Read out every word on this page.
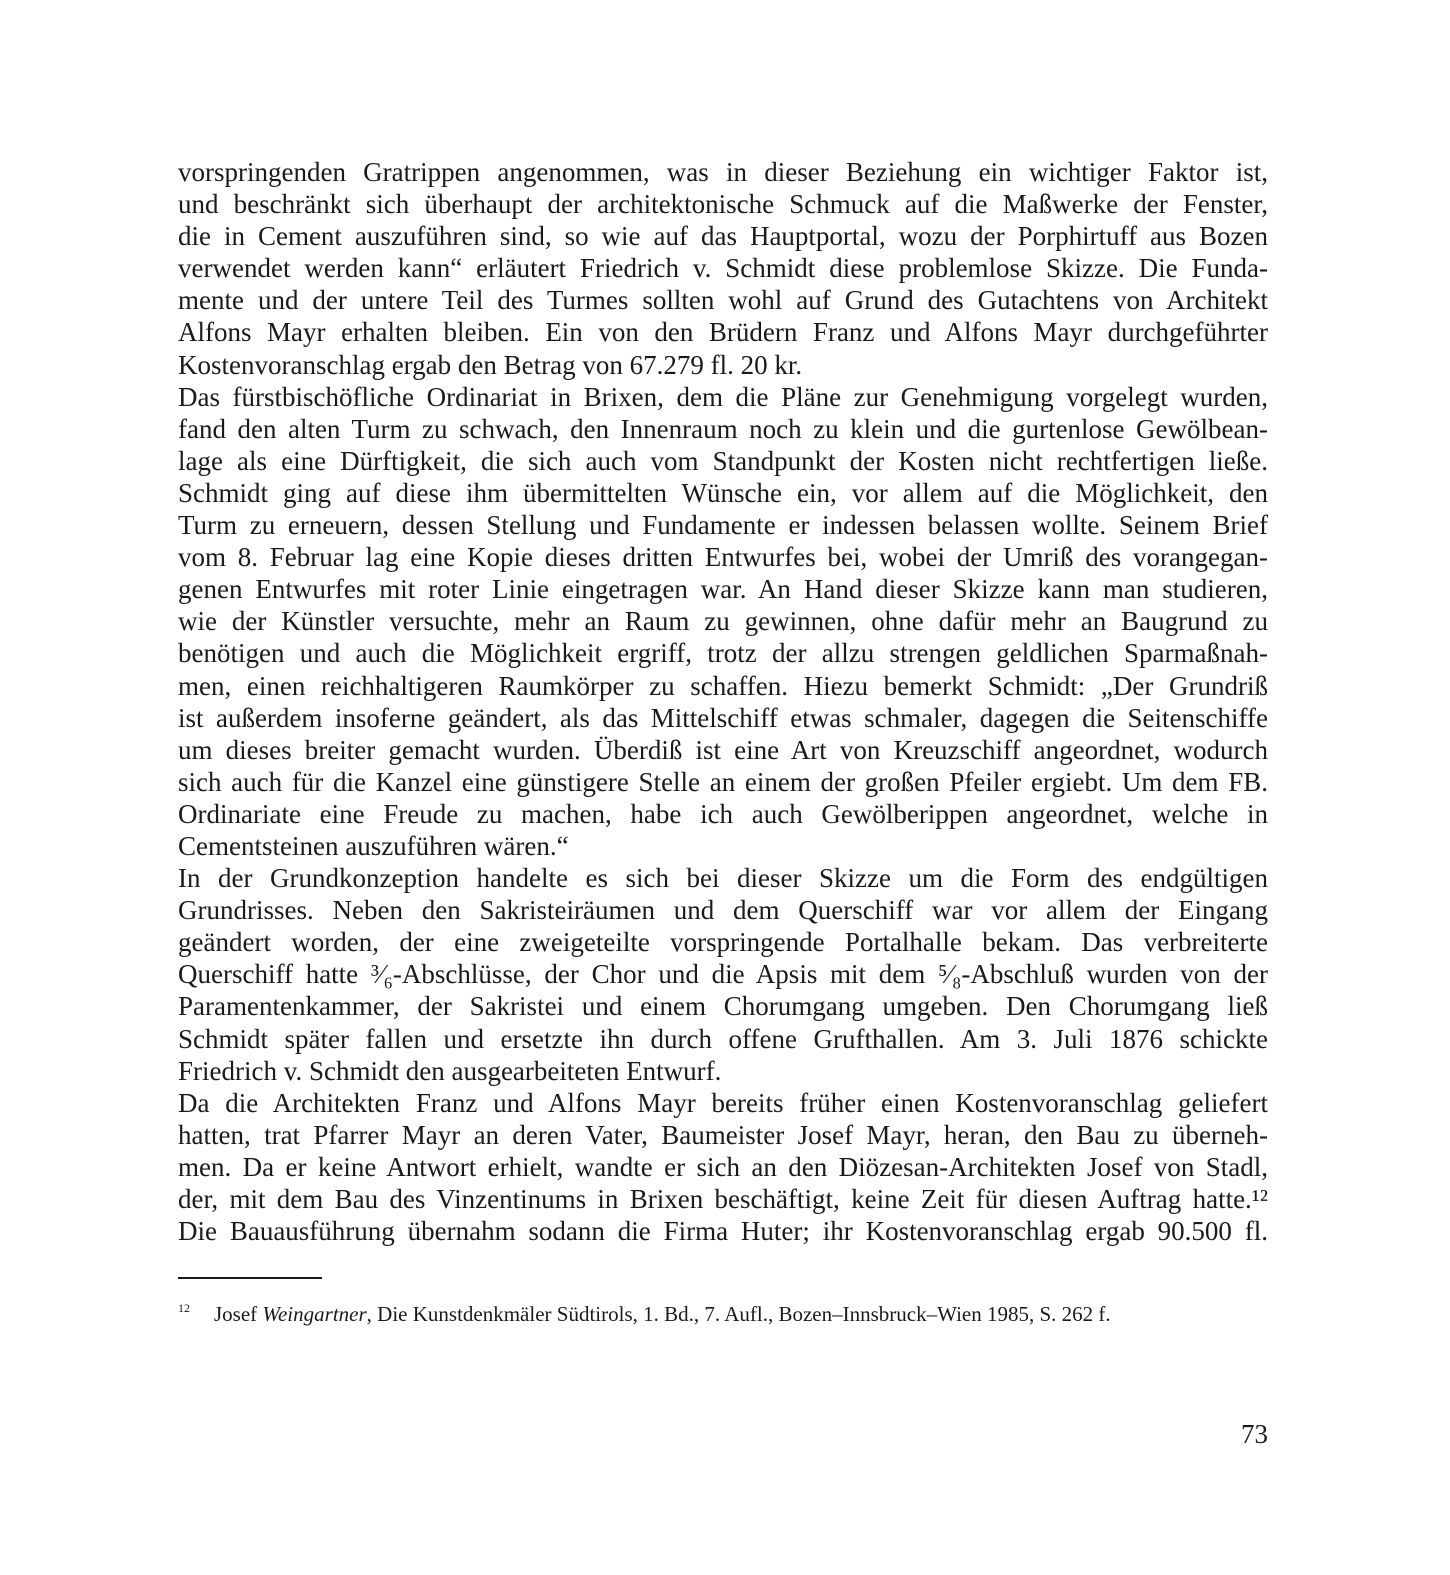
vorspringenden Gratrippen angenommen, was in dieser Beziehung ein wichtiger Faktor ist,
und beschränkt sich überhaupt der architektonische Schmuck auf die Maßwerke der Fenster,
die in Cement auszuführen sind, so wie auf das Hauptportal, wozu der Porphirtuff aus Bozen
verwendet werden kann“ erläutert Friedrich v. Schmidt diese problemlose Skizze. Die Funda-
mente und der untere Teil des Turmes sollten wohl auf Grund des Gutachtens von Architekt
Alfons Mayr erhalten bleiben. Ein von den Brüdern Franz und Alfons Mayr durchgeführter
Kostenvoranschlag ergab den Betrag von 67.279 fl. 20 kr.
Das fürstbischöfliche Ordinariat in Brixen, dem die Pläne zur Genehmigung vorgelegt wurden,
fand den alten Turm zu schwach, den Innenraum noch zu klein und die gurtenlose Gewölbean-
lage als eine Dürftigkeit, die sich auch vom Standpunkt der Kosten nicht rechtfertigen ließe.
Schmidt ging auf diese ihm übermittelten Wünsche ein, vor allem auf die Möglichkeit, den
Turm zu erneuern, dessen Stellung und Fundamente er indessen belassen wollte. Seinem Brief
vom 8. Februar lag eine Kopie dieses dritten Entwurfes bei, wobei der Umriß des vorangegan-
genen Entwurfes mit roter Linie eingetragen war. An Hand dieser Skizze kann man studieren,
wie der Künstler versuchte, mehr an Raum zu gewinnen, ohne dafür mehr an Baugrund zu
benötigen und auch die Möglichkeit ergriff, trotz der allzu strengen geldlichen Sparmaßnah-
men, einen reichhaltigeren Raumkörper zu schaffen. Hiezu bemerkt Schmidt: „Der Grundriß
ist außerdem insoferne geändert, als das Mittelschiff etwas schmaler, dagegen die Seitenschiffe
um dieses breiter gemacht wurden. Überdiß ist eine Art von Kreuzschiff angeordnet, wodurch
sich auch für die Kanzel eine günstigere Stelle an einem der großen Pfeiler ergiebt. Um dem FB.
Ordinariate eine Freude zu machen, habe ich auch Gewölberippen angeordnet, welche in
Cementsteinen auszuführen wären.“
In der Grundkonzeption handelte es sich bei dieser Skizze um die Form des endgültigen
Grundrisses. Neben den Sakristeiräumen und dem Querschiff war vor allem der Eingang
geändert worden, der eine zweigeteilte vorspringende Portalhalle bekam. Das verbreiterte
Querschiff hatte ³⁄₆-Abschlüsse, der Chor und die Apsis mit dem ⁵⁄₈-Abschluß wurden von der
Paramentenkammer, der Sakristei und einem Chorumgang umgeben. Den Chorumgang ließ
Schmidt später fallen und ersetzte ihn durch offene Grufthallen. Am 3. Juli 1876 schickte
Friedrich v. Schmidt den ausgearbeiteten Entwurf.
Da die Architekten Franz und Alfons Mayr bereits früher einen Kostenvoranschlag geliefert
hatten, trat Pfarrer Mayr an deren Vater, Baumeister Josef Mayr, heran, den Bau zu überneh-
men. Da er keine Antwort erhielt, wandte er sich an den Diözesan-Architekten Josef von Stadl,
der, mit dem Bau des Vinzentinums in Brixen beschäftigt, keine Zeit für diesen Auftrag hatte.¹²
Die Bauausführung übernahm sodann die Firma Huter; ihr Kostenvoranschlag ergab 90.500 fl.
12 Josef Weingartner, Die Kunstdenkmäler Südtirols, 1. Bd., 7. Aufl., Bozen–Innsbruck–Wien 1985, S. 262 f.
73
